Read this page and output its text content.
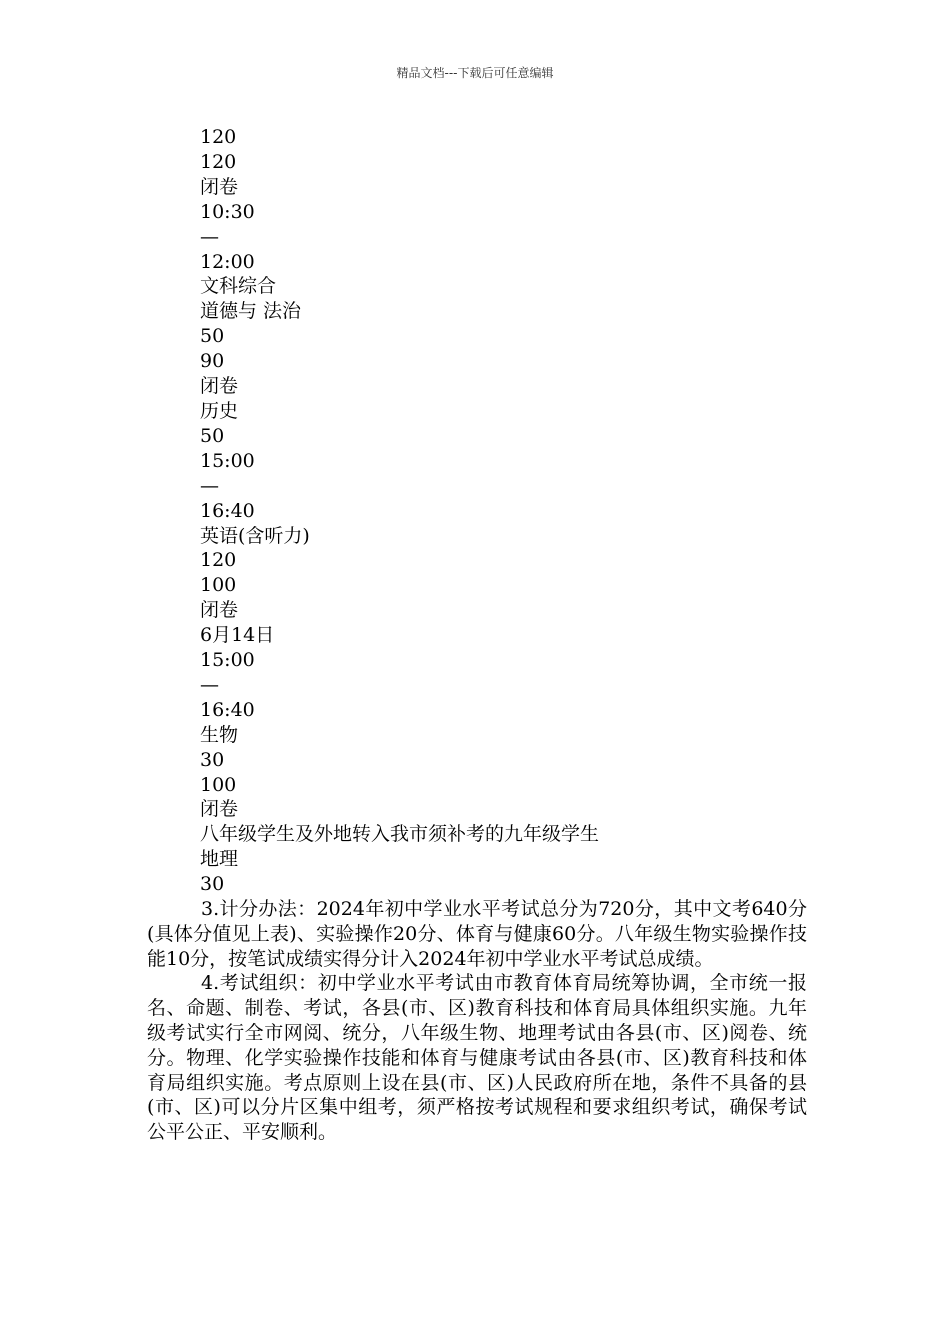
精品文档---下载后可任意编辑
120
120
闭卷
10:30
—
12:00
文科综合
道德与 法治
50
90
闭卷
历史
50
15:00
—
16:40
英语(含听力)
120
100
闭卷
6月14日
15:00
—
16:40
生物
30
100
闭卷
八年级学生及外地转入我市须补考的九年级学生
地理
30

3.计分办法：2024年初中学业水平考试总分为720分，其中文考640分(具体分值见上表)、实验操作20分、体育与健康60分。八年级生物实验操作技能10分，按笔试成绩实得分计入2024年初中学业水平考试总成绩。

4.考试组织：初中学业水平考试由市教育体育局统筹协调，全市统一报名、命题、制卷、考试，各县(市、区)教育科技和体育局具体组织实施。九年级考试实行全市网阅、统分，八年级生物、地理考试由各县(市、区)阅卷、统分。物理、化学实验操作技能和体育与健康考试由各县(市、区)教育科技和体育局组织实施。考点原则上设在县(市、区)人民政府所在地，条件不具备的县(市、区)可以分片区集中组考，须严格按考试规程和要求组织考试，确保考试公平公正、平安顺利。
